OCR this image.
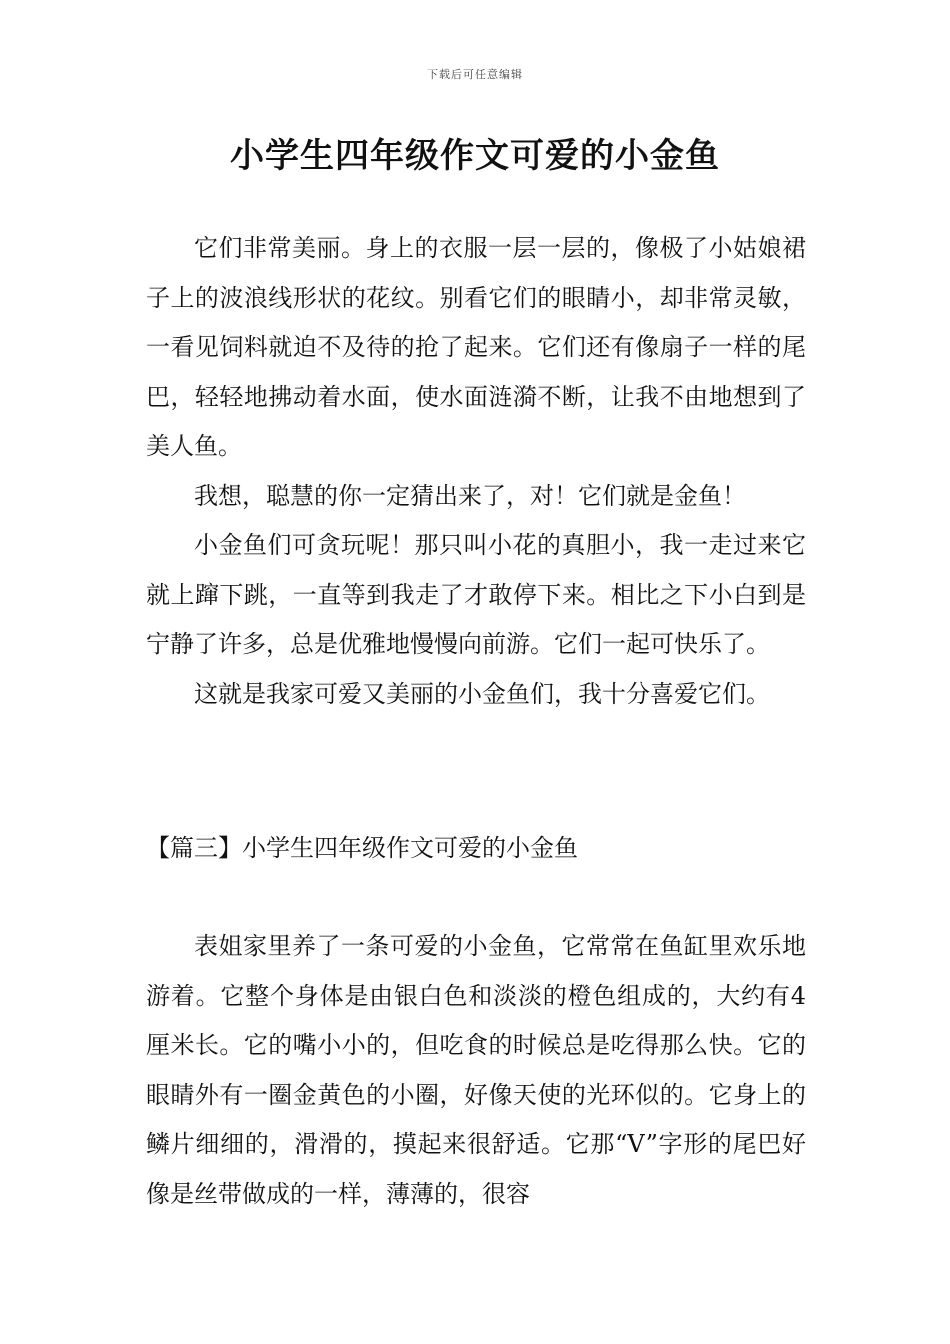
下载后可任意编辑
小学生四年级作文可爱的小金鱼

它们非常美丽。身上的衣服一层一层的，像极了小姑娘裙子上的波浪线形状的花纹。别看它们的眼睛小，却非常灵敏，一看见饲料就迫不及待的抢了起来。它们还有像扇子一样的尾巴，轻轻地拂动着水面，使水面涟漪不断，让我不由地想到了美人鱼。

我想，聪慧的你一定猜出来了，对！它们就是金鱼！

小金鱼们可贪玩呢！那只叫小花的真胆小，我一走过来它就上蹿下跳，一直等到我走了才敢停下来。相比之下小白到是宁静了许多，总是优雅地慢慢向前游。它们一起可快乐了。

这就是我家可爱又美丽的小金鱼们，我十分喜爱它们。

【篇三】小学生四年级作文可爱的小金鱼

表姐家里养了一条可爱的小金鱼，它常常在鱼缸里欢乐地游着。它整个身体是由银白色和淡淡的橙色组成的，大约有4厘米长。它的嘴小小的，但吃食的时候总是吃得那么快。它的眼睛外有一圈金黄色的小圈，好像天使的光环似的。它身上的鳞片细细的，滑滑的，摸起来很舒适。它那“V”字形的尾巴好像是丝带做成的一样，薄薄的，很容
